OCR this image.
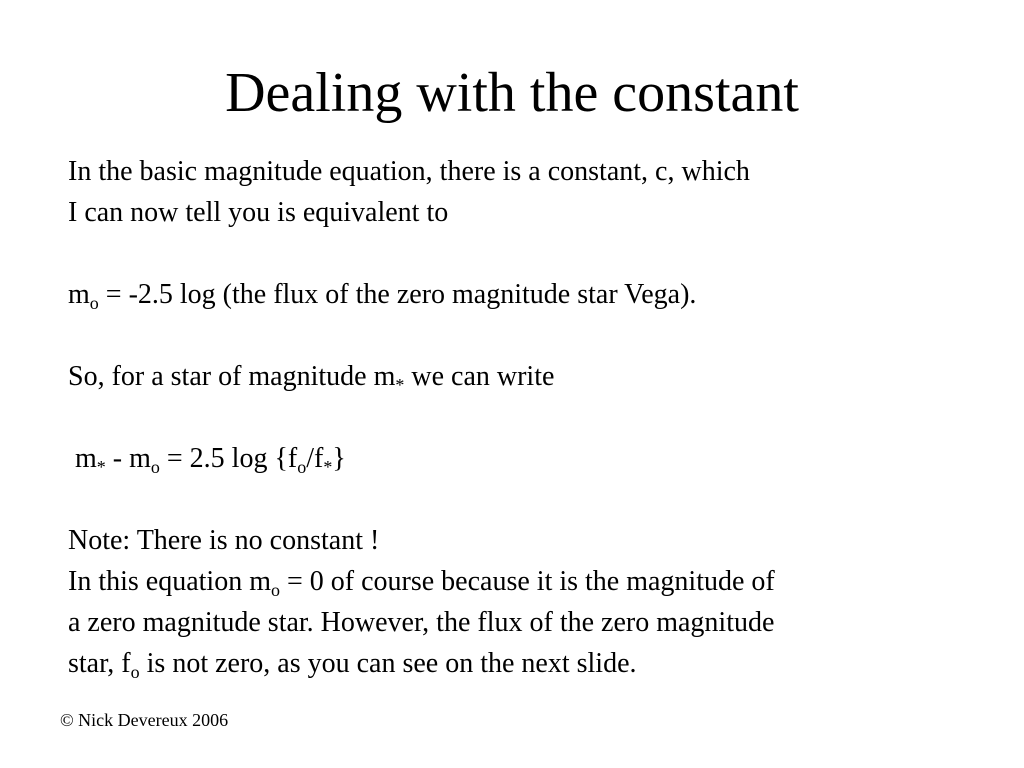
Dealing with the constant
In the basic magnitude equation, there is a constant, c, which
I can now tell you is equivalent to
$m_o = -2.5$ log (the flux of the zero magnitude star Vega).
So, for a star of magnitude $m_*$ we can write
$m_* - m_o = 2.5$ $\log \{f_o/f_*\}$
Note: There is no constant !
In this equation $m_o = 0$ of course because it is the magnitude of
a zero magnitude star. However, the flux of the zero magnitude
star, $f_o$ is not zero, as you can see on the next slide.
© Nick Devereux 2006
